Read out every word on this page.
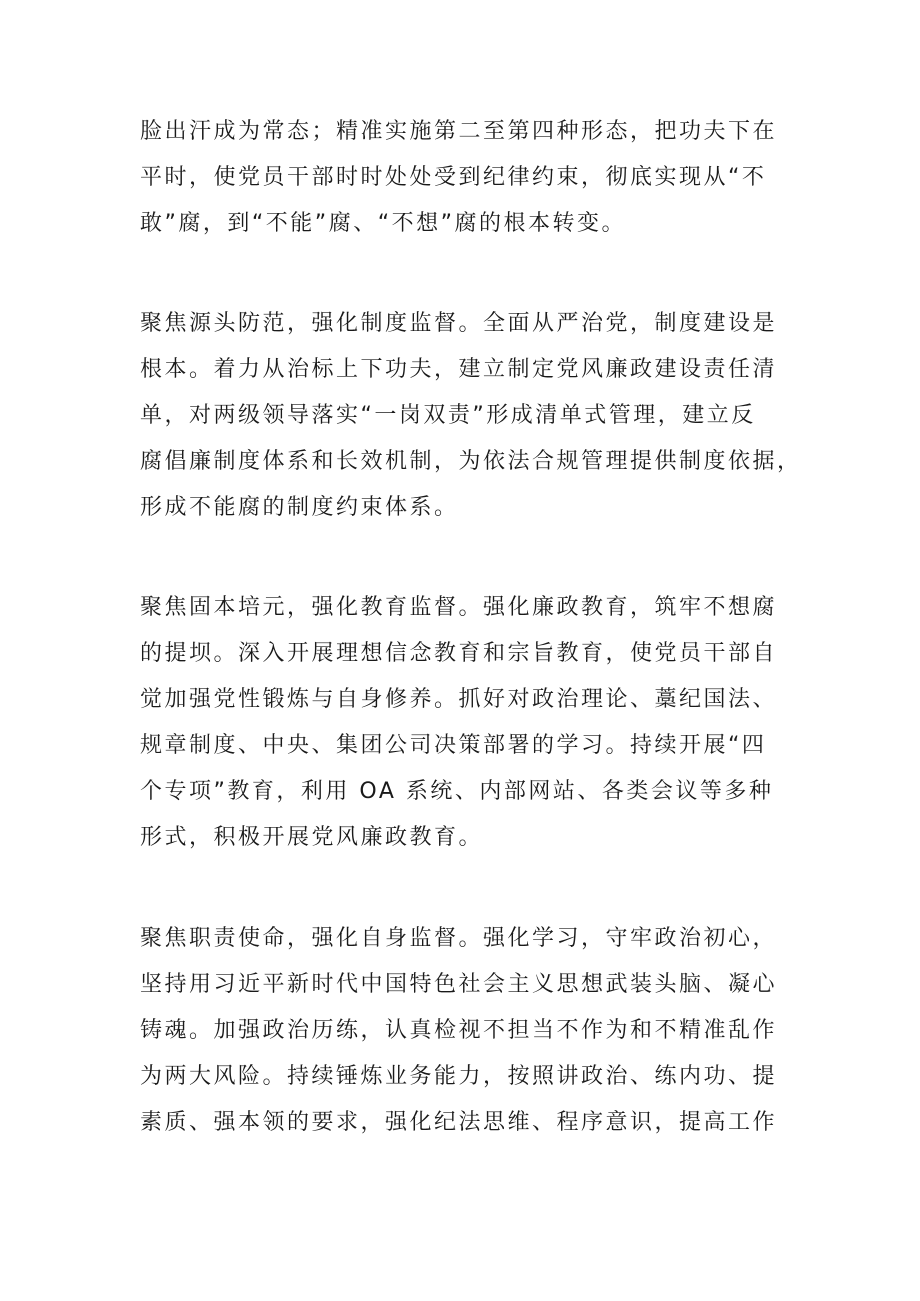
脸出汗成为常态；精准实施第二至第四种形态，把功夫下在
平时，使党员干部时时处处受到纪律约束，彻底实现从“不
敢”腐，到“不能”腐、“不想”腐的根本转变。
聚焦源头防范，强化制度监督。全面从严治党，制度建设是
根本。着力从治标上下功夫，建立制定党风廉政建设责任清
单，对两级领导落实“一岗双责”形成清单式管理，建立反
腐倡廉制度体系和长效机制，为依法合规管理提供制度依据，
形成不能腐的制度约束体系。
聚焦固本培元，强化教育监督。强化廉政教育，筑牢不想腐
的提坝。深入开展理想信念教育和宗旨教育，使党员干部自
觉加强党性锻炼与自身修养。抓好对政治理论、藁纪国法、
规章制度、中央、集团公司决策部署的学习。持续开展“四
个专项”教育，利用 OA 系统、内部网站、各类会议等多种
形式，积极开展党风廉政教育。
聚焦职责使命，强化自身监督。强化学习，守牢政治初心，
坚持用习近平新时代中国特色社会主义思想武装头脑、凝心
铸魂。加强政治历练，认真检视不担当不作为和不精准乱作
为两大风险。持续锤炼业务能力，按照讲政治、练内功、提
素质、强本领的要求，强化纪法思维、程序意识，提高工作
